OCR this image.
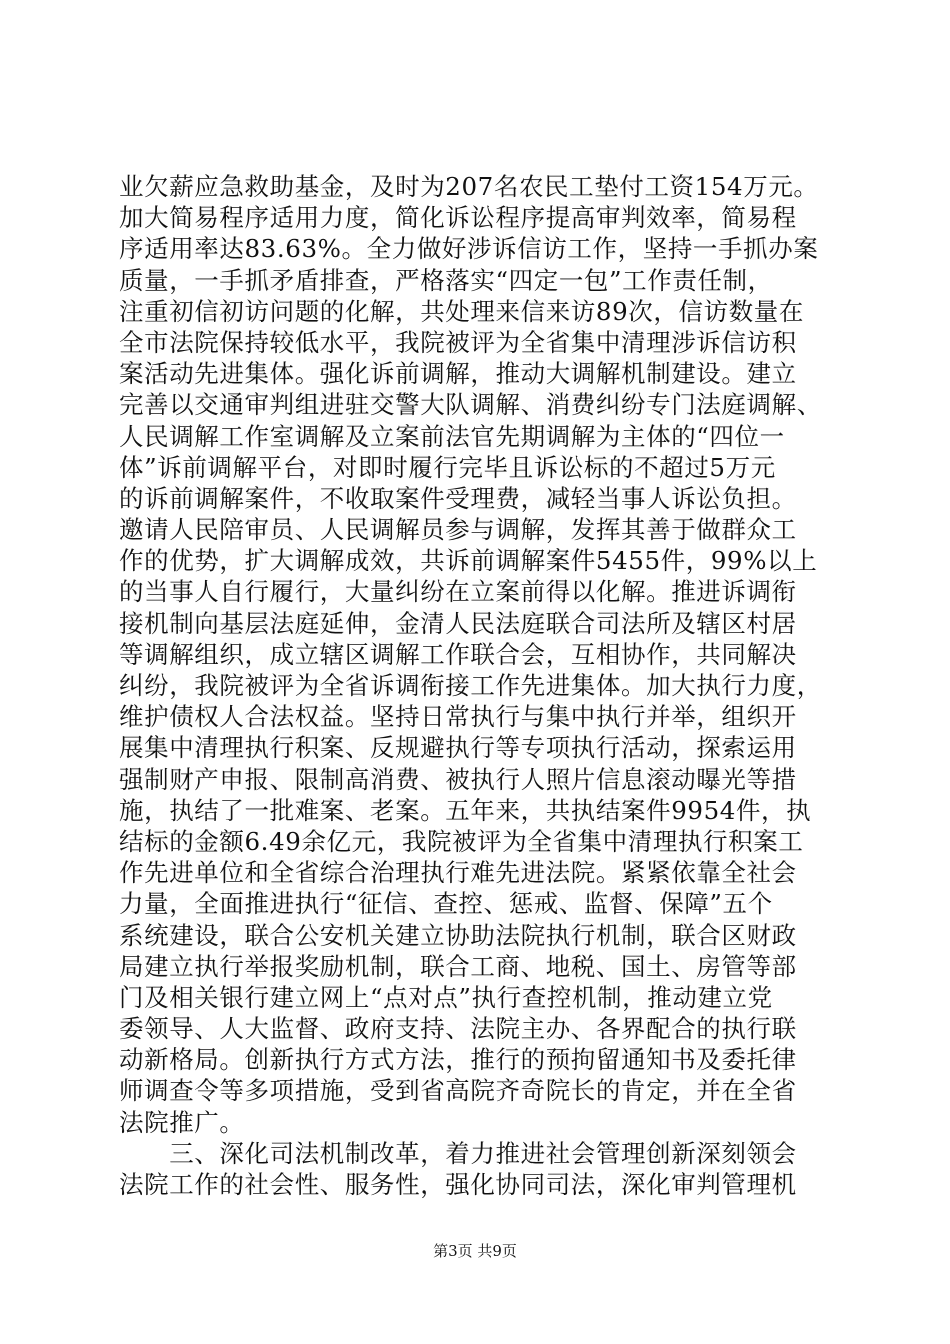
业欠薪应急救助基金，及时为207名农民工垫付工资154万元。
加大简易程序适用力度，简化诉讼程序提高审判效率，简易程
序适用率达83.63%。全力做好涉诉信访工作，坚持一手抓办案
质量，一手抓矛盾排查，严格落实“四定一包”工作责任制，
注重初信初访问题的化解，共处理来信来访89次，信访数量在
全市法院保持较低水平，我院被评为全省集中清理涉诉信访积
案活动先进集体。强化诉前调解，推动大调解机制建设。建立
完善以交通审判组进驻交警大队调解、消费纠纷专门法庭调解、
人民调解工作室调解及立案前法官先期调解为主体的“四位一
体”诉前调解平台，对即时履行完毕且诉讼标的不超过5万元
的诉前调解案件，不收取案件受理费，减轻当事人诉讼负担。
邀请人民陪审员、人民调解员参与调解，发挥其善于做群众工
作的优势，扩大调解成效，共诉前调解案件5455件，99%以上
的当事人自行履行，大量纠纷在立案前得以化解。推进诉调衔
接机制向基层法庭延伸，金清人民法庭联合司法所及辖区村居
等调解组织，成立辖区调解工作联合会，互相协作，共同解决
纠纷，我院被评为全省诉调衔接工作先进集体。加大执行力度，
维护债权人合法权益。坚持日常执行与集中执行并举，组织开
展集中清理执行积案、反规避执行等专项执行活动，探索运用
强制财产申报、限制高消费、被执行人照片信息滚动曝光等措
施，执结了一批难案、老案。五年来，共执结案件9954件，执
结标的金额6.49余亿元，我院被评为全省集中清理执行积案工
作先进单位和全省综合治理执行难先进法院。紧紧依靠全社会
力量，全面推进执行“征信、查控、惩戒、监督、保障”五个
系统建设，联合公安机关建立协助法院执行机制，联合区财政
局建立执行举报奖励机制，联合工商、地税、国土、房管等部
门及相关银行建立网上“点对点”执行查控机制，推动建立党
委领导、人大监督、政府支持、法院主办、各界配合的执行联
动新格局。创新执行方式方法，推行的预拘留通知书及委托律
师调查令等多项措施，受到省高院齐奇院长的肯定，并在全省
法院推广。
　　三、深化司法机制改革，着力推进社会管理创新深刻领会
法院工作的社会性、服务性，强化协同司法，深化审判管理机
第3页 共9页
